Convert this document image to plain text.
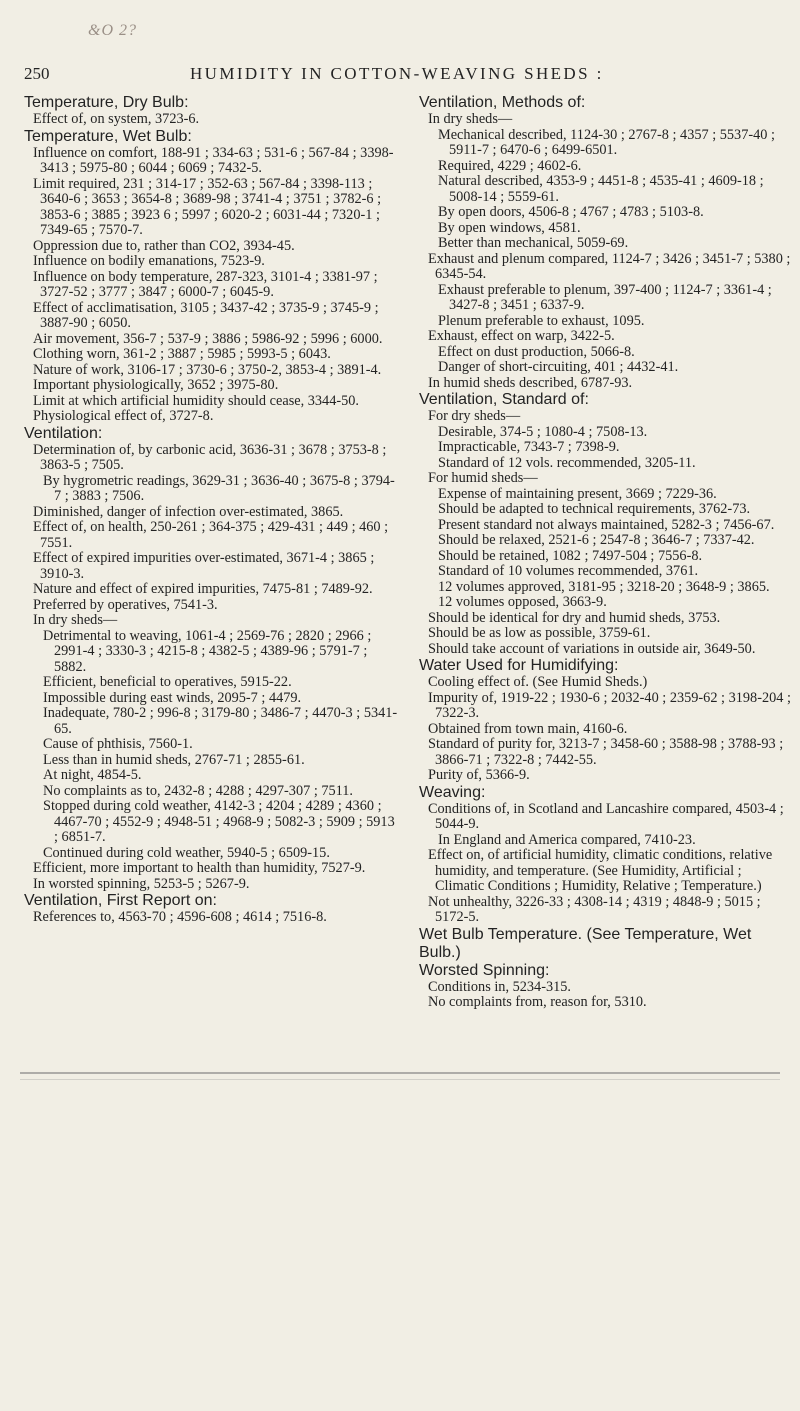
&O 2?
250	HUMIDITY IN COTTON-WEAVING SHEDS :

Temperature, Dry Bulb:

Effect of, on system, 3723-6.

Temperature, Wet Bulb:

Influence on comfort, 188-91 ; 334-63 ; 531-6 ; 567-84 ; 3398-3413 ; 5975-80 ; 6044 ; 6069 ; 7432-5.

Limit required, 231 ; 314-17 ; 352-63 ; 567-84 ; 3398-113 ; 3640-6 ; 3653 ; 3654-8 ; 3689-98 ; 3741-4 ; 3751 ; 3782-6 ; 3853-6 ; 3885 ; 3923 6 ; 5997 ; 6020-2 ; 6031-44 ; 7320-1 ; 7349-65 ; 7570-7.

Oppression due to, rather than CO2, 3934-45.

Influence on bodily emanations, 7523-9.

Influence on body temperature, 287-323, 3101-4 ; 3381-97 ; 3727-52 ; 3777 ; 3847 ; 6000-7 ; 6045-9.

Effect of acclimatisation, 3105 ; 3437-42 ; 3735-9 ; 3745-9 ; 3887-90 ; 6050.

Air movement, 356-7 ; 537-9 ; 3886 ; 5986-92 ; 5996 ; 6000.

Clothing worn, 361-2 ; 3887 ; 5985 ; 5993-5 ; 6043.

Nature of work, 3106-17 ; 3730-6 ; 3750-2, 3853-4 ; 3891-4.

Important physiologically, 3652 ; 3975-80.

Limit at which artificial humidity should cease, 3344-50.

Physiological effect of, 3727-8.

Ventilation:

Determination of, by carbonic acid, 3636-31 ; 3678 ; 3753-8 ; 3863-5 ; 7505.

By hygrometric readings, 3629-31 ; 3636-40 ; 3675-8 ; 3794-7 ; 3883 ; 7506.

Diminished, danger of infection over-estimated, 3865.

Effect of, on health, 250-261 ; 364-375 ; 429-431 ; 449 ; 460 ; 7551.

Effect of expired impurities over-estimated, 3671-4 ; 3865 ; 3910-3.

Nature and effect of expired impurities, 7475-81 ; 7489-92.

Preferred by operatives, 7541-3.

In dry sheds—

Detrimental to weaving, 1061-4 ; 2569-76 ; 2820 ; 2966 ; 2991-4 ; 3330-3 ; 4215-8 ; 4382-5 ; 4389-96 ; 5791-7 ; 5882.

Efficient, beneficial to operatives, 5915-22.

Impossible during east winds, 2095-7 ; 4479.

Inadequate, 780-2 ; 996-8 ; 3179-80 ; 3486-7 ; 4470-3 ; 5341-65.

Cause of phthisis, 7560-1.

Less than in humid sheds, 2767-71 ; 2855-61.

At night, 4854-5.

No complaints as to, 2432-8 ; 4288 ; 4297-307 ; 7511.

Stopped during cold weather, 4142-3 ; 4204 ; 4289 ; 4360 ; 4467-70 ; 4552-9 ; 4948-51 ; 4968-9 ; 5082-3 ; 5909 ; 5913 ; 6851-7.

Continued during cold weather, 5940-5 ; 6509-15.

Efficient, more important to health than humidity, 7527-9.

In worsted spinning, 5253-5 ; 5267-9.

Ventilation, First Report on:

References to, 4563-70 ; 4596-608 ; 4614 ; 7516-8.

Ventilation, Methods of:

In dry sheds—

Mechanical described, 1124-30 ; 2767-8 ; 4357 ; 5537-40 ; 5911-7 ; 6470-6 ; 6499-6501.

Required, 4229 ; 4602-6.

Natural described, 4353-9 ; 4451-8 ; 4535-41 ; 4609-18 ; 5008-14 ; 5559-61.

By open doors, 4506-8 ; 4767 ; 4783 ; 5103-8.

By open windows, 4581.

Better than mechanical, 5059-69.

Exhaust and plenum compared, 1124-7 ; 3426 ; 3451-7 ; 5380 ; 6345-54.

Exhaust preferable to plenum, 397-400 ; 1124-7 ; 3361-4 ; 3427-8 ; 3451 ; 6337-9.

Plenum preferable to exhaust, 1095.

Exhaust, effect on warp, 3422-5.

Effect on dust production, 5066-8.

Danger of short-circuiting, 401 ; 4432-41.

In humid sheds described, 6787-93.

Ventilation, Standard of:

For dry sheds—

Desirable, 374-5 ; 1080-4 ; 7508-13.

Impracticable, 7343-7 ; 7398-9.

Standard of 12 vols. recommended, 3205-11.

For humid sheds—

Expense of maintaining present, 3669 ; 7229-36.

Should be adapted to technical requirements, 3762-73.

Present standard not always maintained, 5282-3 ; 7456-67.

Should be relaxed, 2521-6 ; 2547-8 ; 3646-7 ; 7337-42.

Should be retained, 1082 ; 7497-504 ; 7556-8.

Standard of 10 volumes recommended, 3761.

12 volumes approved, 3181-95 ; 3218-20 ; 3648-9 ; 3865.

12 volumes opposed, 3663-9.

Should be identical for dry and humid sheds, 3753.

Should be as low as possible, 3759-61.

Should take account of variations in outside air, 3649-50.

Water Used for Humidifying:

Cooling effect of. (See Humid Sheds.)

Impurity of, 1919-22 ; 1930-6 ; 2032-40 ; 2359-62 ; 3198-204 ; 7322-3.

Obtained from town main, 4160-6.

Standard of purity for, 3213-7 ; 3458-60 ; 3588-98 ; 3788-93 ; 3866-71 ; 7322-8 ; 7442-55.

Purity of, 5366-9.

Weaving:

Conditions of, in Scotland and Lancashire compared, 4503-4 ; 5044-9.

In England and America compared, 7410-23.

Effect on, of artificial humidity, climatic conditions, relative humidity, and temperature. (See Humidity, Artificial ; Climatic Conditions ; Humidity, Relative ; Temperature.)

Not unhealthy, 3226-33 ; 4308-14 ; 4319 ; 4848-9 ; 5015 ; 5172-5.

Wet Bulb Temperature. (See Temperature, Wet Bulb.)

Worsted Spinning:

Conditions in, 5234-315.

No complaints from, reason for, 5310.
